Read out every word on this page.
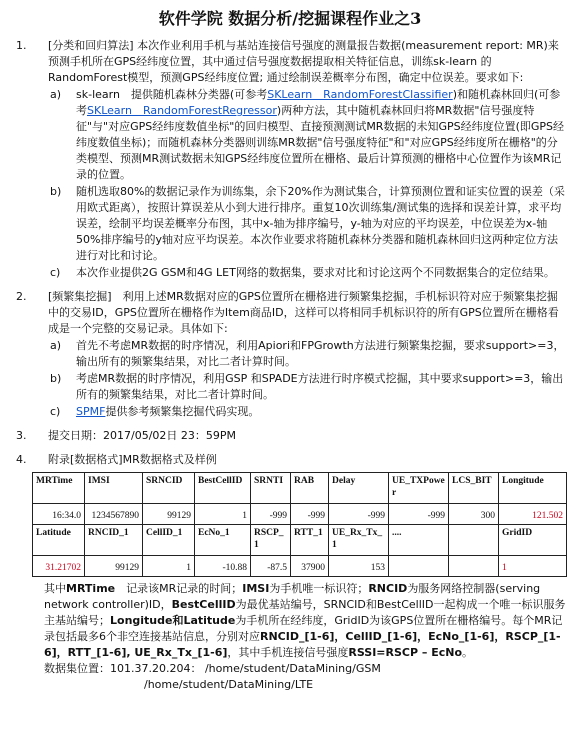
软件学院 数据分析/挖掘课程作业之3
1.	[分类和回归算法] 本次作业利用手机与基站连接信号强度的测量报告数据(measurement report: MR)来预测手机所在GPS经纬度位置，其中通过信号强度数据提取相关特征信息，训练sk-learn 的RandomForest模型，预测GPS经纬度位置; 通过绘制误差概率分布图，确定中位误差。要求如下:
a)	sk-learn　提供随机森林分类器(可参考SKLearn　RandomForestClassifier)和随机森林回归(可参考SKLearn　RandomForestRegressor)两种方法，其中随机森林回归将MR数据"信号强度特征"与"对应GPS经纬度数值坐标"的回归模型、直接预测测试MR数据的未知GPS经纬度位置(即GPS经纬度数值坐标)；而随机森林分类器则训练MR数据"信号强度特征"和"对应GPS经纬度所在栅格"的分类模型、预测MR测试数据未知GPS经纬度位置所在栅格、最后计算预测的栅格中心位置作为该MR记录的位置。
b)	随机选取80%的数据记录作为训练集，余下20%作为测试集合，计算预测位置和证实位置的误差（采用欧式距离），按照计算误差从小到大进行排序。重复10次训练集/测试集的选择和误差计算，求平均误差，绘制平均误差概率分布图，其中x-轴为排序编号，y-轴为对应的平均误差，中位误差为x-轴50%排序编号的y轴对应平均误差。本次作业要求将随机森林分类器和随机森林回归这两种定位方法进行对比和讨论。
c)	本次作业提供2G GSM和4G LET网络的数据集，要求对比和讨论这两个不同数据集合的定位结果。
2.	[频繁集挖掘]　利用上述MR数据对应的GPS位置所在栅格进行频繁集挖掘，手机标识符对应于频繁集挖掘中的交易ID，GPS位置所在栅格作为Item商品ID，这样可以将相同手机标识符的所有GPS位置所在栅格看成是一个完整的交易记录。具体如下:
a)	首先不考虑MR数据的时序情况，利用Apiori和FPGrowth方法进行频繁集挖掘，要求support>=3，输出所有的频繁集结果，对比二者计算时间。
b)	考虑MR数据的时序情况，利用GSP 和SPADE方法进行时序模式挖掘，其中要求support>=3，输出所有的频繁集结果，对比二者计算时间。
c)	SPMF提供参考频繁集挖掘代码实现。
3.	提交日期：2017/05/02日 23：59PM
4.	附录[数据格式]MR数据格式及样例
MRTime	IMSI	SRNCID	BestCellID	SRNTI	RAB	Delay	UE_TXPower	LCS_BIT	Longitude
16:34.0	1234567890	99129	1	-999	-999	-999	-999	300	121.502
Latitude	RNCID_1	CellID_1	EcNo_1	RSCP_1	RTT_1	UE_Rx_Tx_1	....		GridID
31.21702	99129	1	-10.88	-87.5	37900	153			1
其中MRTime　记录该MR记录的时间；IMSI为手机唯一标识符；RNCID为服务网络控制器(serving network controller)ID，BestCellID为最优基站编号，SRNCID和BestCellID一起构成一个唯一标识服务主基站编号；Longitude和Latitude为手机所在经纬度，GridID为该GPS位置所在栅格编号。每个MR记录包括最多6个非空连接基站信息，分别对应RNCID_[1-6]，CellID_[1-6]，EcNo_[1-6]，RSCP_[1-6]，RTT_[1-6], UE_Rx_Tx_[1-6]，其中手机连接信号强度RSSI=RSCP – EcNo。
数据集位置：101.37.20.204： /home/student/DataMining/GSM
/home/student/DataMining/LTE
